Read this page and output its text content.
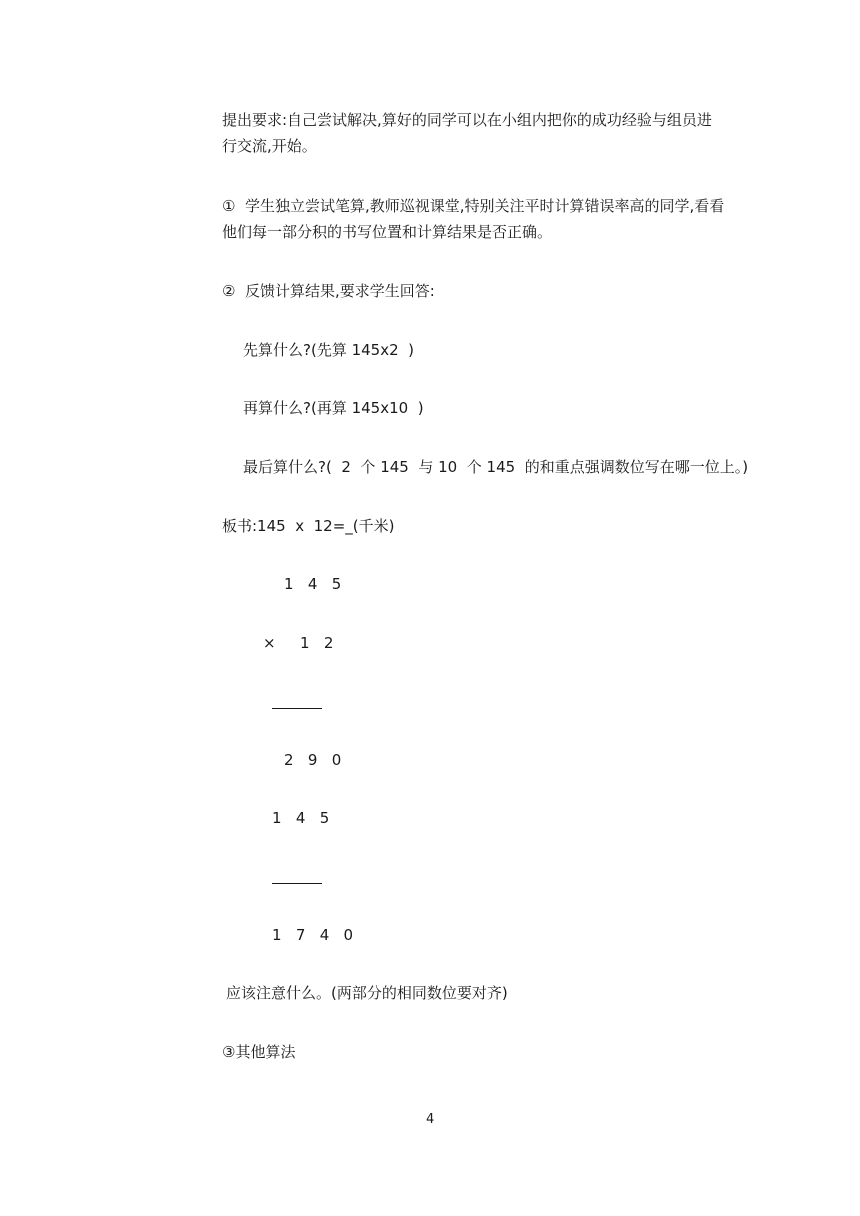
提出要求:自己尝试解决,算好的同学可以在小组内把你的成功经验与组员进
行交流,开始。
①  学生独立尝试笔算,教师巡视课堂,特别关注平时计算错误率高的同学,看看
他们每一部分积的书写位置和计算结果是否正确。
②  反馈计算结果,要求学生回答:
先算什么?(先算 145x2  )
再算什么?(再算 145x10  )
最后算什么?(  2  个 145  与 10  个 145  的和重点强调数位写在哪一位上。)
板书:145  x  12=_(千米)
1   4   5
× 1   2
2   9   0
1   4   5
1   7   4   0
应该注意什么。(两部分的相同数位要对齐)
③其他算法
4
